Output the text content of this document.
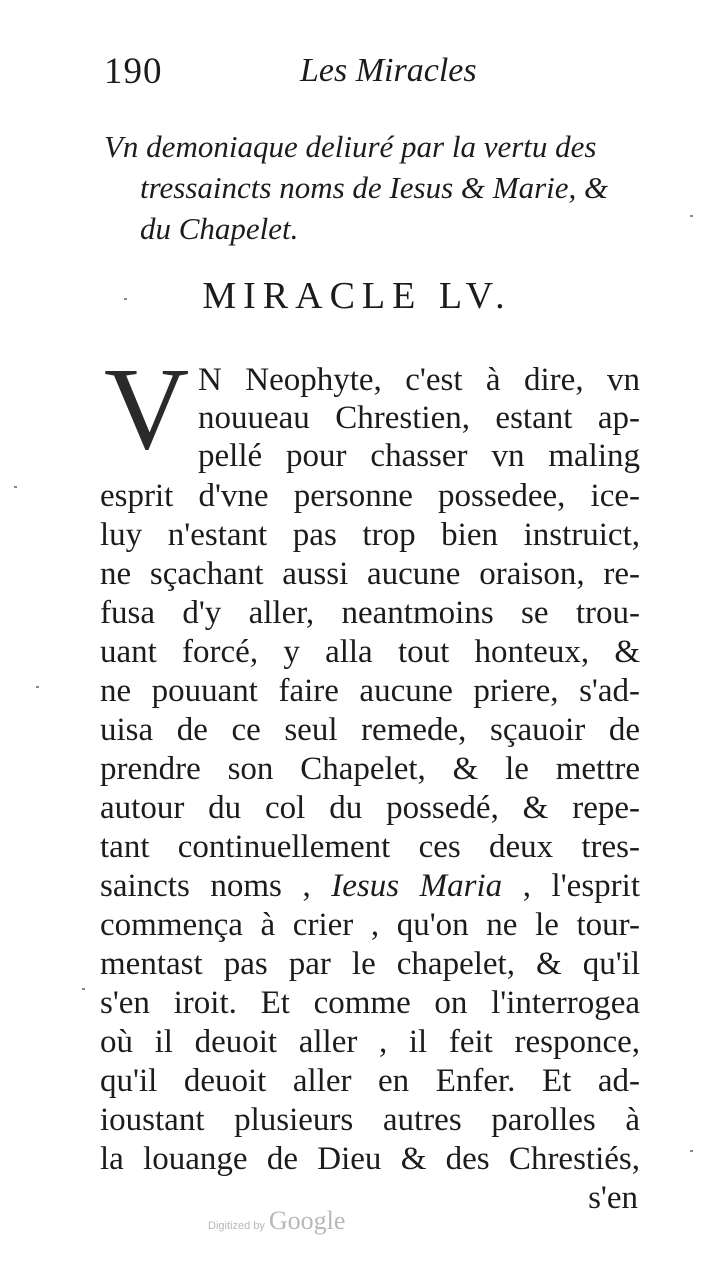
190	Les Miracles
Vn demoniaque deliuré par la vertu des
tressaincts noms de Iesus & Marie, &
du Chapelet.
MIRACLE LV.
V N Neophyte, c'est à dire, vn
nouueau Chrestien, estant ap-
pellé pour chasser vn maling
esprit d'vne personne possedee, ice-
luy n'estant pas trop bien instruict,
ne sçachant aussi aucune oraison, re-
fusa d'y aller, neantmoins se trou-
uant forcé, y alla tout honteux, &
ne pouuant faire aucune priere, s'ad-
uisa de ce seul remede, sçauoir de
prendre son Chapelet, & le mettre
autour du col du possedé, & repe-
tant continuellement ces deux tres-
saincts noms , Iesus Maria , l'esprit
commença à crier , qu'on ne le tour-
mentast pas par le chapelet, & qu'il
s'en iroit. Et comme on l'interrogea
où il deuoit aller , il feit responce,
qu'il deuoit aller en Enfer. Et ad-
ioustant plusieurs autres parolles à
la louange de Dieu & des Chrestiés,
s'en
Digitized by Google
